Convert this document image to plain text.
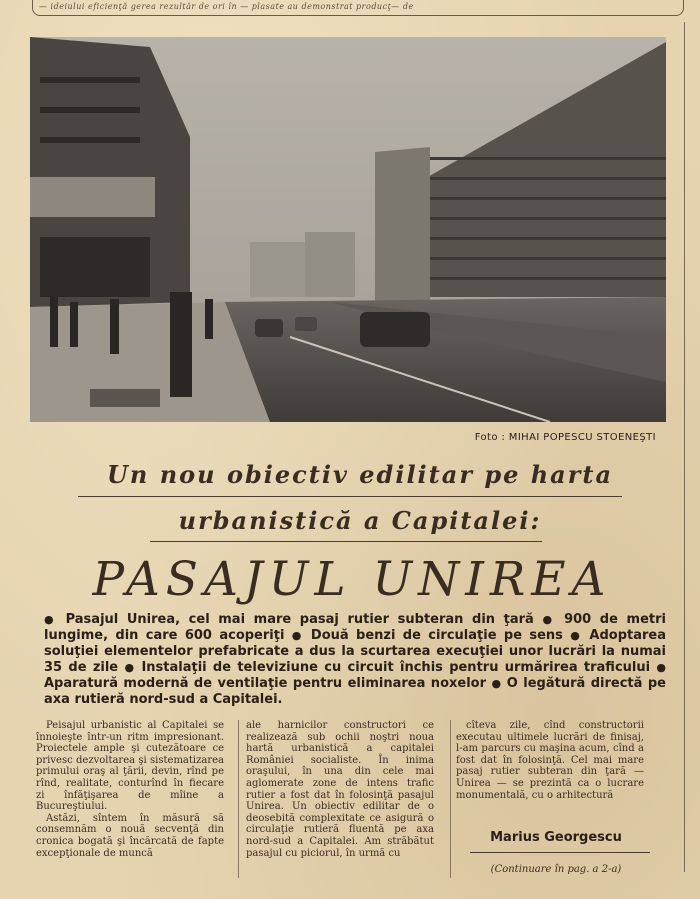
— ideiului eficienţă gerea rezultăr de ori în — plasate au demonstrat producţ— de
Foto : MIHAI POPESCU STOENEŞTI
Un nou obiectiv edilitar pe harta
urbanistică a Capitalei:
PASAJUL UNIREA
● Pasajul Unirea, cel mai mare pasaj rutier subteran din ţară ● 900 de metri lungime, din care 600 acoperiţi ● Două benzi de circulaţie pe sens ● Adoptarea soluţiei elementelor prefabricate a dus la scurtarea execuţiei unor lucrări la numai 35 de zile ● Instalaţii de televiziune cu circuit închis pentru urmărirea traficului ● Aparatură modernă de ventilaţie pentru eliminarea noxelor ● O legătură directă pe axa rutieră nord-sud a Capitalei.

Peisajul urbanistic al Capitalei se înnoieşte într-un ritm impresionant. Proiectele ample şi cutezătoare ce privesc dezvoltarea şi sistematizarea primului oraş al ţării, devin, rînd pe rînd, realitate, conturînd în fiecare zi înfăţişarea de mîine a Bucureştiului.

Astăzi, sîntem în măsură să consemnăm o nouă secvenţă din cronica bogată şi încărcată de fapte excepţionale de muncă

ale harnicilor constructori ce realizează sub ochii noştri noua hartă urbanistică a capitalei României socialiste. În inima oraşului, în una din cele mai aglomerate zone de intens trafic rutier a fost dat în folosinţă pasajul Unirea. Un obiectiv edilitar de o deosebită complexitate ce asigură o circulaţie rutieră fluentă pe axa nord-sud a Capitalei. Am străbătut pasajul cu piciorul, în urmă cu

cîteva zile, cînd constructorii executau ultimele lucrări de finisaj, l-am parcurs cu maşina acum, cînd a fost dat în folosinţă. Cel mai mare pasaj rutier subteran din ţară — Unirea — se prezintă ca o lucrare monumentală, cu o arhitectură

Marius Georgescu
(Continuare în pag. a 2-a)
